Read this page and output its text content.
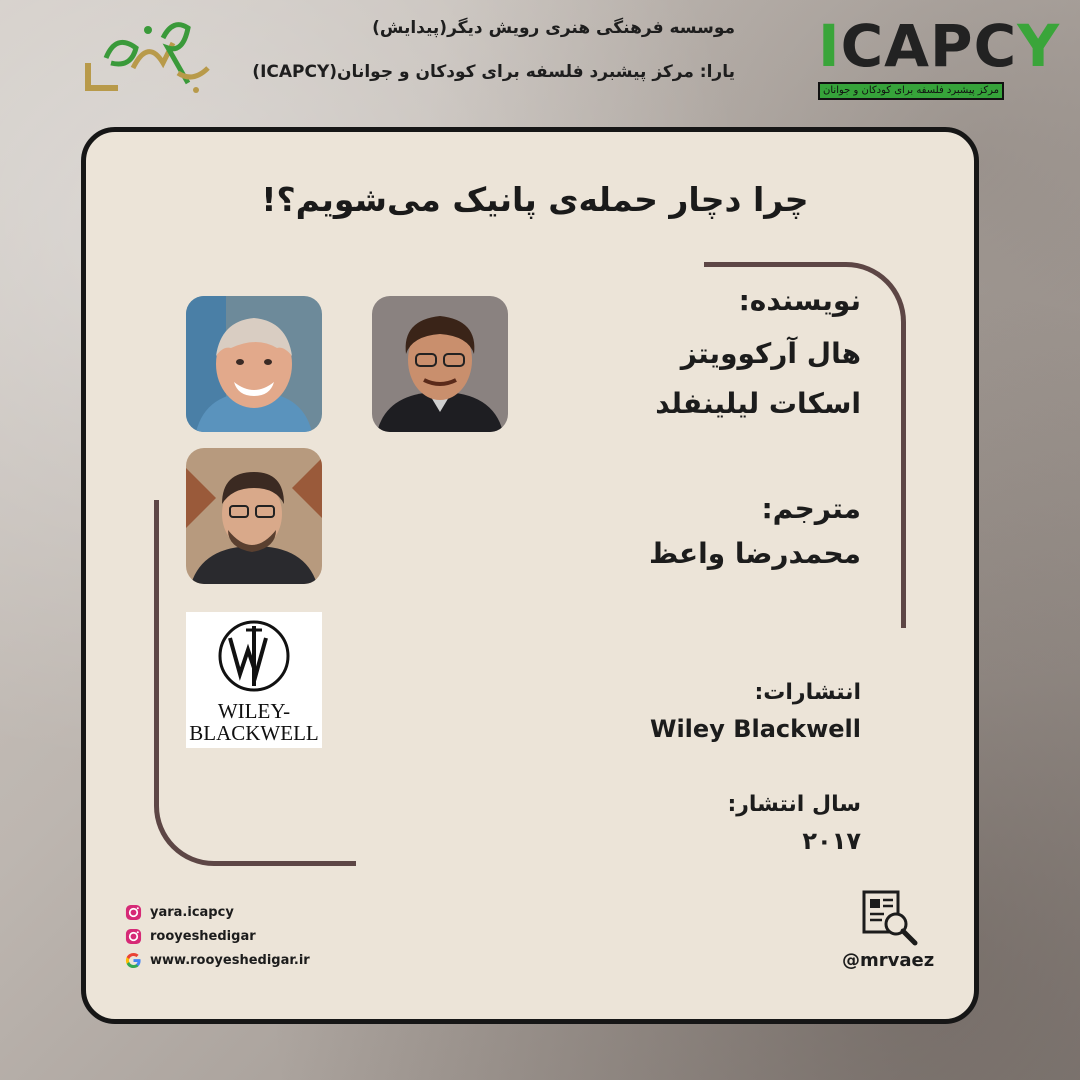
موسسه فرهنگی هنری رویش دیگر(پیدایش)
یارا: مرکز پیشبرد فلسفه برای کودکان و جوانان(ICAPCY) ICAPCY
مرکز پیشبرد فلسفه برای کودکان و جوانان
چرا دچار حمله‌ی پانیک می‌شویم؟!
نویسنده:
هال آرکوویتز
اسکات لیلینفلد
مترجم:
محمدرضا واعظ
انتشارات:
Wiley Blackwell
سال انتشار:
۲۰۱۷
WILEY-
BLACKWELL
yara.icapcy
rooyeshedigar
www.rooyeshedigar.ir	@mrvaez
